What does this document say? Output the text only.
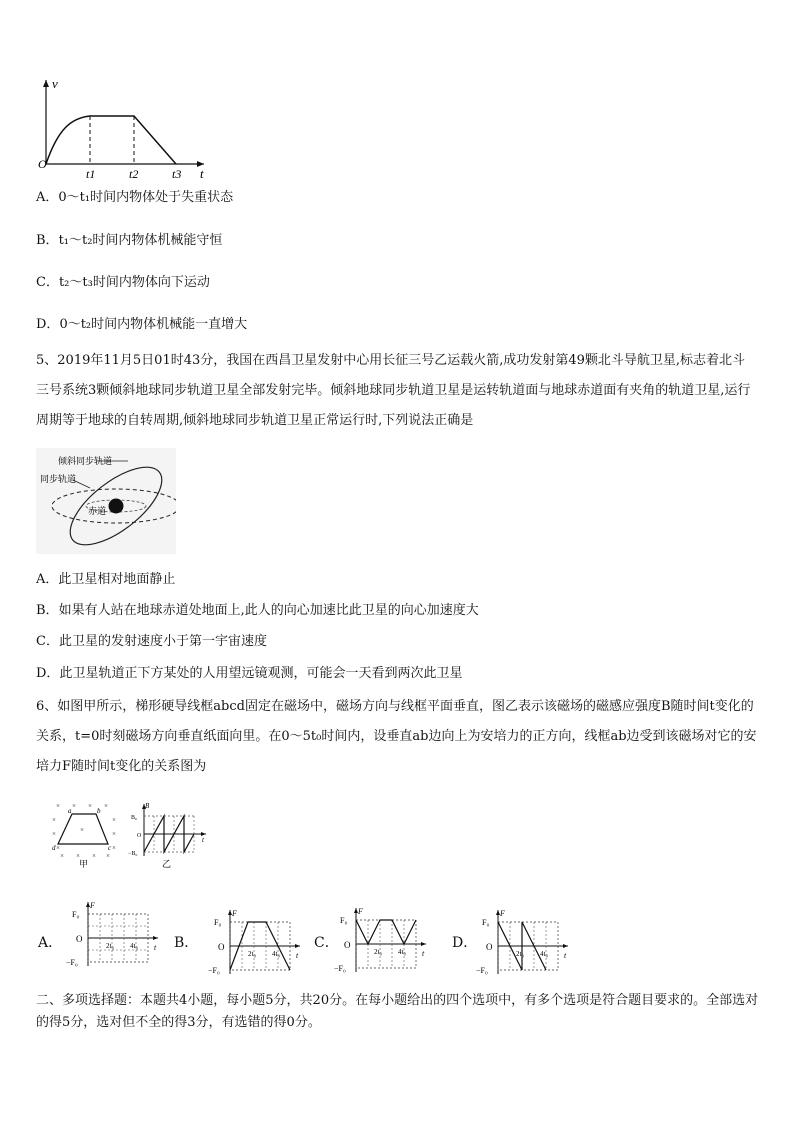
v
O
t
t1	t2	t3
A．0～t₁时间内物体处于失重状态
B．t₁～t₂时间内物体机械能守恒
C．t₂～t₃时间内物体向下运动
D．0～t₂时间内物体机械能一直增大
5、2019年11月5日01时43分，我国在西昌卫星发射中心用长征三号乙运载火箭,成功发射第49颗北斗导航卫星,标志着北斗三号系统3颗倾斜地球同步轨道卫星全部发射完毕。倾斜地球同步轨道卫星是运转轨道面与地球赤道面有夹角的轨道卫星,运行周期等于地球的自转周期,倾斜地球同步轨道卫星正常运行时,下列说法正确是
倾斜同步轨道
同步轨道
赤道
A．此卫星相对地面静止
B．如果有人站在地球赤道处地面上,此人的向心加速比此卫星的向心加速度大
C．此卫星的发射速度小于第一宇宙速度
D．此卫星轨道正下方某处的人用望远镜观测，可能会一天看到两次此卫星
6、如图甲所示，梯形硬导线框abcd固定在磁场中，磁场方向与线框平面垂直，图乙表示该磁场的磁感应强度B随时间t变化的关系，t=0时刻磁场方向垂直纸面向里。在0～5t₀时间内，设垂直ab边向上为安培力的正方向，线框ab边受到该磁场对它的安培力F随时间t变化的关系图为
× × × ×
×	×
×	×	×
×	×
× × × ×
a	b
c
d
甲
B
B₀
O
−B₀
t
乙
A．
F
F₀
O
−F₀
t
2t₀ 4t₀	B．
F
F₀
O
−F₀
t
2t₀ 4t₀
C．
F
F₀
O
−F₀
t
2t₀ 4t₀
D．
F
F₀
O
−F₀
t
2t₀ 4t₀
二、多项选择题：本题共4小题，每小题5分，共20分。在每小题给出的四个选项中，有多个选项是符合题目要求的。全部选对的得5分，选对但不全的得3分，有选错的得0分。
